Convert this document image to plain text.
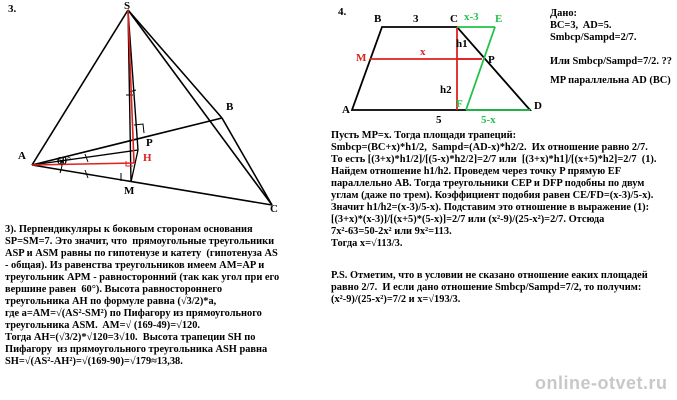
3.	S
B
A
P
H
M
C
60°
3). Перпендикуляры к боковым сторонам основания
SP=SM=7. Это значит, что  прямоугольные треугольники
ASP и ASM равны по гипотенузе и катету  (гипотенуза AS
- общая). Из равенства треугольников имеем AM=AP и
треугольник APM - равносторонний (так как угол при его
вершине равен  60°). Высота равностороннего
треугольника AH по формуле равна (√3/2)*a,
где а=AM=√(AS²-SM²) по Пифагору из прямоугольного
треугольника ASM.  AM=√ (169-49)=√120.
Тогда AH=(√3/2)*√120=3√10.  Высота трапеции SH по
Пифагору  из прямоугольного треугольника ASH равна
SH=√(AS²-AH²)=√(169-90)=√179≈13,38.
4.
B	3	C x-3 E
h1
M	x
P
h2
A	F	D
5	5-x
Дано:
BC=3,  AD=5.
Smbcp/Sampd=2/7.
Или Smbcp/Sampd=7/2. ??
MP параллельна AD (BC)
Пусть MP=x. Тогда площади трапеций:
Smbcp=(BC+x)*h1/2,  Sampd=(AD-x)*h2/2.  Их отношение равно 2/7.
То есть [(3+x)*h1/2]/[(5-x)*h2/2]=2/7 или  [(3+x)*h1]/[(x+5)*h2]=2/7  (1).
Найдем отношение h1/h2. Проведем через точку P прямую EF
параллельно AB. Тогда треугольники CEP и DFP подобны по двум
углам (даже по трем). Коэффициент подобия равен CE/FD=(x-3)/5-x).
Значит h1/h2=(x-3)/5-x). Подставим это отношение в выражение (1):
[(3+x)*(x-3)]/[(x+5)*(5-x)]=2/7 или (x²-9)/(25-x²)=2/7. Отсюда
7x²-63=50-2x² или 9x²=113.
Тогда x=√113/3.
P.S. Отметим, что в условии не сказано отношение еаких площадей
равно 2/7.  И если дано отношение Smbcp/Sampd=7/2, то получим:
(x²-9)/(25-x²)=7/2 и x=√193/3.
online-otvet.ru
